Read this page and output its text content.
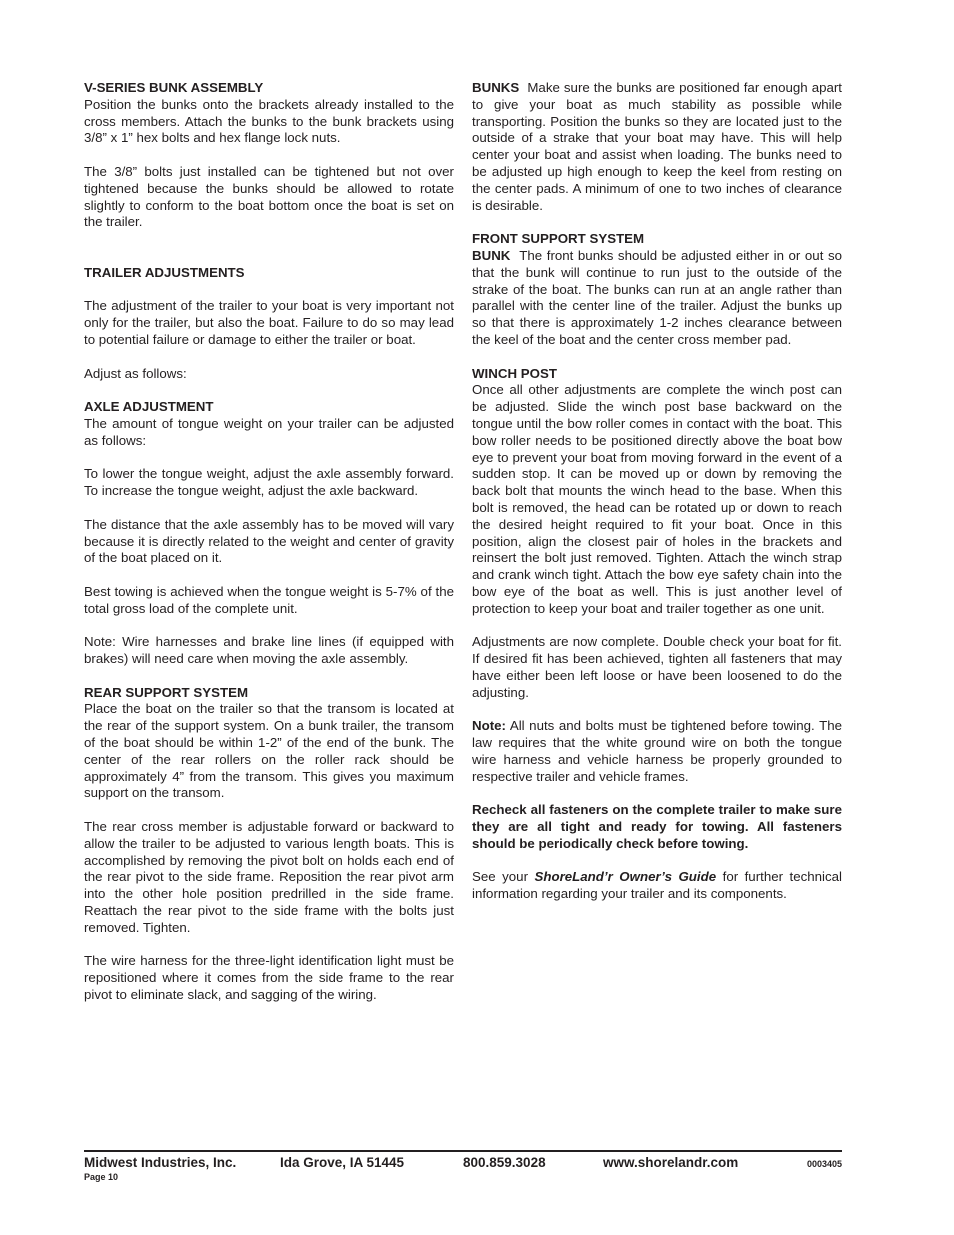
V-SERIES BUNK ASSEMBLY

Position the bunks onto the brackets already installed to the cross members. Attach the bunks to the bunk brackets using 3/8” x 1” hex bolts and hex flange lock nuts.

The 3/8” bolts just installed can be tightened but not over tightened because the bunks should be allowed to rotate slightly to conform to the boat bottom once the boat is set on the trailer.

TRAILER ADJUSTMENTS

The adjustment of the trailer to your boat is very important not only for the trailer, but also the boat. Failure to do so may lead to potential failure or damage to either the trailer or boat.

Adjust as follows:

AXLE ADJUSTMENT

The amount of tongue weight on your trailer can be adjusted as follows:

To lower the tongue weight, adjust the axle assembly forward. To increase the tongue weight, adjust the axle backward.

The distance that the axle assembly has to be moved will vary because it is directly related to the weight and center of gravity of the boat placed on it.

Best towing is achieved when the tongue weight is 5-7% of the total gross load of the complete unit.

Note: Wire harnesses and brake line lines (if equipped with brakes) will need care when moving the axle assembly.

REAR SUPPORT SYSTEM

Place the boat on the trailer so that the transom is located at the rear of the support system. On a bunk trailer, the transom of the boat should be within 1-2” of the end of the bunk. The center of the rear rollers on the roller rack should be approximately 4” from the transom. This gives you maximum support on the transom.

The rear cross member is adjustable forward or backward to allow the trailer to be adjusted to various length boats. This is accomplished by removing the pivot bolt on holds each end of the rear pivot to the side frame. Reposition the rear pivot arm into the other hole position predrilled in the side frame. Reattach the rear pivot to the side frame with the bolts just removed. Tighten.

The wire harness for the three-light identification light must be repositioned where it comes from the side frame to the rear pivot to eliminate slack, and sagging of the wiring.

BUNKS Make sure the bunks are positioned far enough apart to give your boat as much stability as possible while transporting. Position the bunks so they are located just to the outside of a strake that your boat may have. This will help center your boat and assist when loading. The bunks need to be adjusted up high enough to keep the keel from resting on the center pads. A minimum of one to two inches of clearance is desirable.

FRONT SUPPORT SYSTEM

BUNK The front bunks should be adjusted either in or out so that the bunk will continue to run just to the outside of the strake of the boat. The bunks can run at an angle rather than parallel with the center line of the trailer. Adjust the bunks up so that there is approximately 1-2 inches clearance between the keel of the boat and the center cross member pad.

WINCH POST

Once all other adjustments are complete the winch post can be adjusted. Slide the winch post base backward on the tongue until the bow roller comes in contact with the boat. This bow roller needs to be positioned directly above the boat bow eye to prevent your boat from moving forward in the event of a sudden stop. It can be moved up or down by removing the back bolt that mounts the winch head to the base. When this bolt is removed, the head can be rotated up or down to reach the desired height required to fit your boat. Once in this position, align the closest pair of holes in the brackets and reinsert the bolt just removed. Tighten. Attach the winch strap and crank winch tight. Attach the bow eye safety chain into the bow eye of the boat as well. This is just another level of protection to keep your boat and trailer together as one unit.

Adjustments are now complete. Double check your boat for fit. If desired fit has been achieved, tighten all fasteners that may have either been left loose or have been loosened to do the adjusting.

Note: All nuts and bolts must be tightened before towing. The law requires that the white ground wire on both the tongue wire harness and vehicle harness be properly grounded to respective trailer and vehicle frames.

Recheck all fasteners on the complete trailer to make sure they are all tight and ready for towing. All fasteners should be periodically check before towing.

See your ShoreLand’r Owner’s Guide for further technical information regarding your trailer and its components.

Midwest Industries, Inc.	Ida Grove, IA 51445	800.859.3028	www.shorelandr.com	0003405
Page 10
